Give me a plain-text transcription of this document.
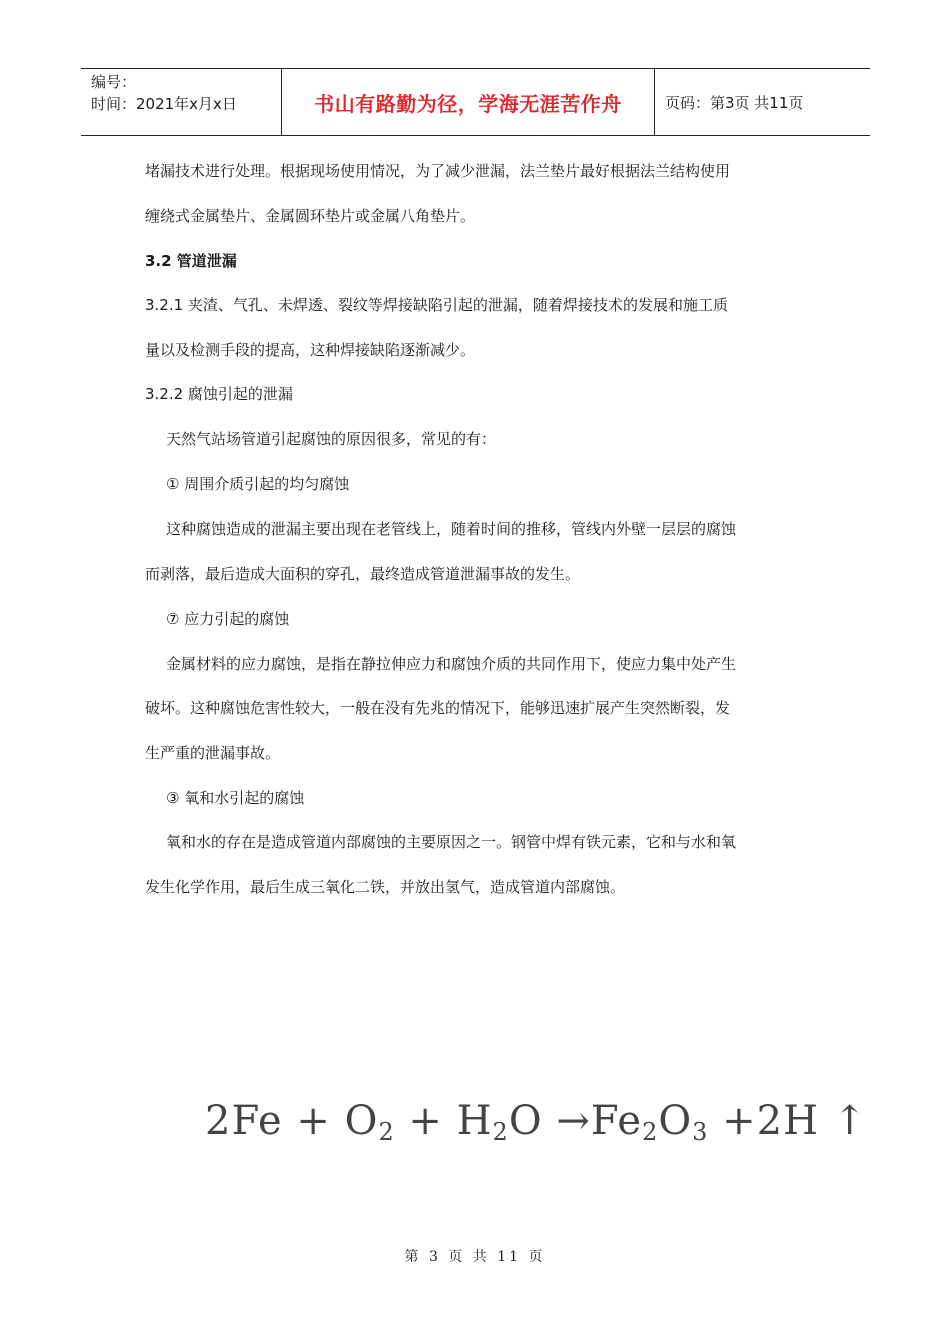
编号：
时间：2021年x月x日	书山有路勤为径，学海无涯苦作舟	页码：第3页 共11页

堵漏技术进行处理。根据现场使用情况，为了减少泄漏，法兰垫片最好根据法兰结构使用

缠绕式金属垫片、金属圆环垫片或金属八角垫片。

3.2 管道泄漏

3.2.1 夹渣、气孔、未焊透、裂纹等焊接缺陷引起的泄漏，随着焊接技术的发展和施工质

量以及检测手段的提高，这种焊接缺陷逐渐减少。

3.2.2 腐蚀引起的泄漏

天然气站场管道引起腐蚀的原因很多，常见的有：

① 周围介质引起的均匀腐蚀

这种腐蚀造成的泄漏主要出现在老管线上，随着时间的推移，管线内外壁一层层的腐蚀

而剥落，最后造成大面积的穿孔，最终造成管道泄漏事故的发生。

⑦ 应力引起的腐蚀

金属材料的应力腐蚀，是指在静拉伸应力和腐蚀介质的共同作用下，使应力集中处产生

破坏。这种腐蚀危害性较大，一般在没有先兆的情况下，能够迅速扩展产生突然断裂，发

生严重的泄漏事故。

③ 氧和水引起的腐蚀

氧和水的存在是造成管道内部腐蚀的主要原因之一。钢管中焊有铁元素，它和与水和氧

发生化学作用，最后生成三氧化二铁，并放出氢气，造成管道内部腐蚀。

$2Fe + O_2 + H_2O \to Fe_2O_3 +2H$ ↑
第 3 页 共 11 页
